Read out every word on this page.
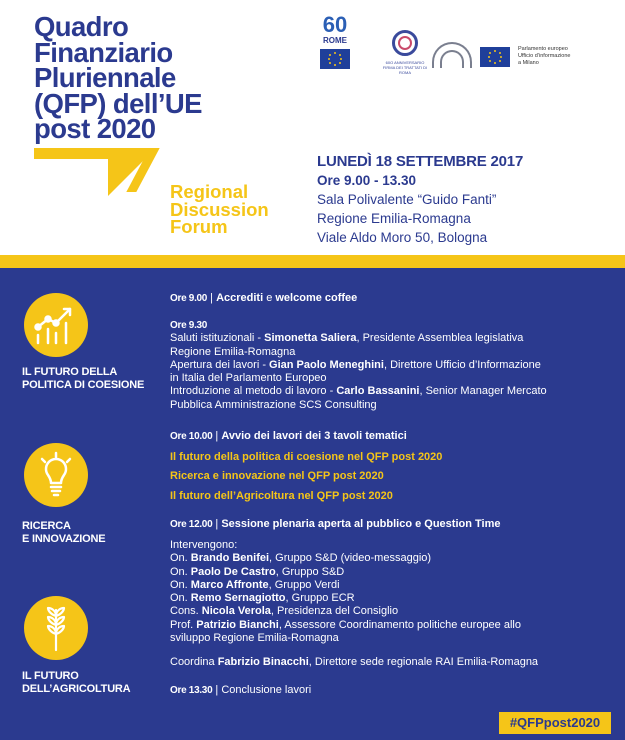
Quadro
Finanziario
Pluriennale
(QFP) dell’UE
post 2020
Regional
Discussion
Forum
60
ROME
60O ANNIVERSARIO FIRMA DEI TRATTATI DI ROMA
Parlamento europeo
Ufficio d’informazione
a Milano
LUNEDÌ 18 SETTEMBRE 2017
Ore 9.00 - 13.30
Sala Polivalente “Guido Fanti”
Regione Emilia-Romagna
Viale Aldo Moro 50, Bologna
IL FUTURO DELLA
POLITICA DI COESIONE
RICERCA
E INNOVAZIONE
IL FUTURO
DELL’AGRICOLTURA
Ore 9.00 | Accrediti e welcome coffee
Ore 9.30
Saluti istituzionali - Simonetta Saliera, Presidente Assemblea legislativa
Regione Emilia-Romagna
Apertura dei lavori - Gian Paolo Meneghini, Direttore Ufficio d’Informazione
in Italia del Parlamento Europeo
Introduzione al metodo di lavoro - Carlo Bassanini, Senior Manager Mercato
Pubblica Amministrazione SCS Consulting
Ore 10.00 | Avvio dei lavori dei 3 tavoli tematici
Il futuro della politica di coesione nel QFP post 2020
Ricerca e innovazione nel QFP post 2020
Il futuro dell’Agricoltura nel QFP post 2020
Ore 12.00 | Sessione plenaria aperta al pubblico e Question Time
Intervengono:
On. Brando Benifei, Gruppo S&D (video-messaggio)
On. Paolo De Castro, Gruppo S&D
On. Marco Affronte, Gruppo Verdi
On. Remo Sernagiotto, Gruppo ECR
Cons. Nicola Verola, Presidenza del Consiglio
Prof. Patrizio Bianchi, Assessore Coordinamento politiche europee allo
sviluppo Regione Emilia-Romagna
Coordina Fabrizio Binacchi, Direttore sede regionale RAI Emilia-Romagna
Ore 13.30 | Conclusione lavori
#QFPpost2020
